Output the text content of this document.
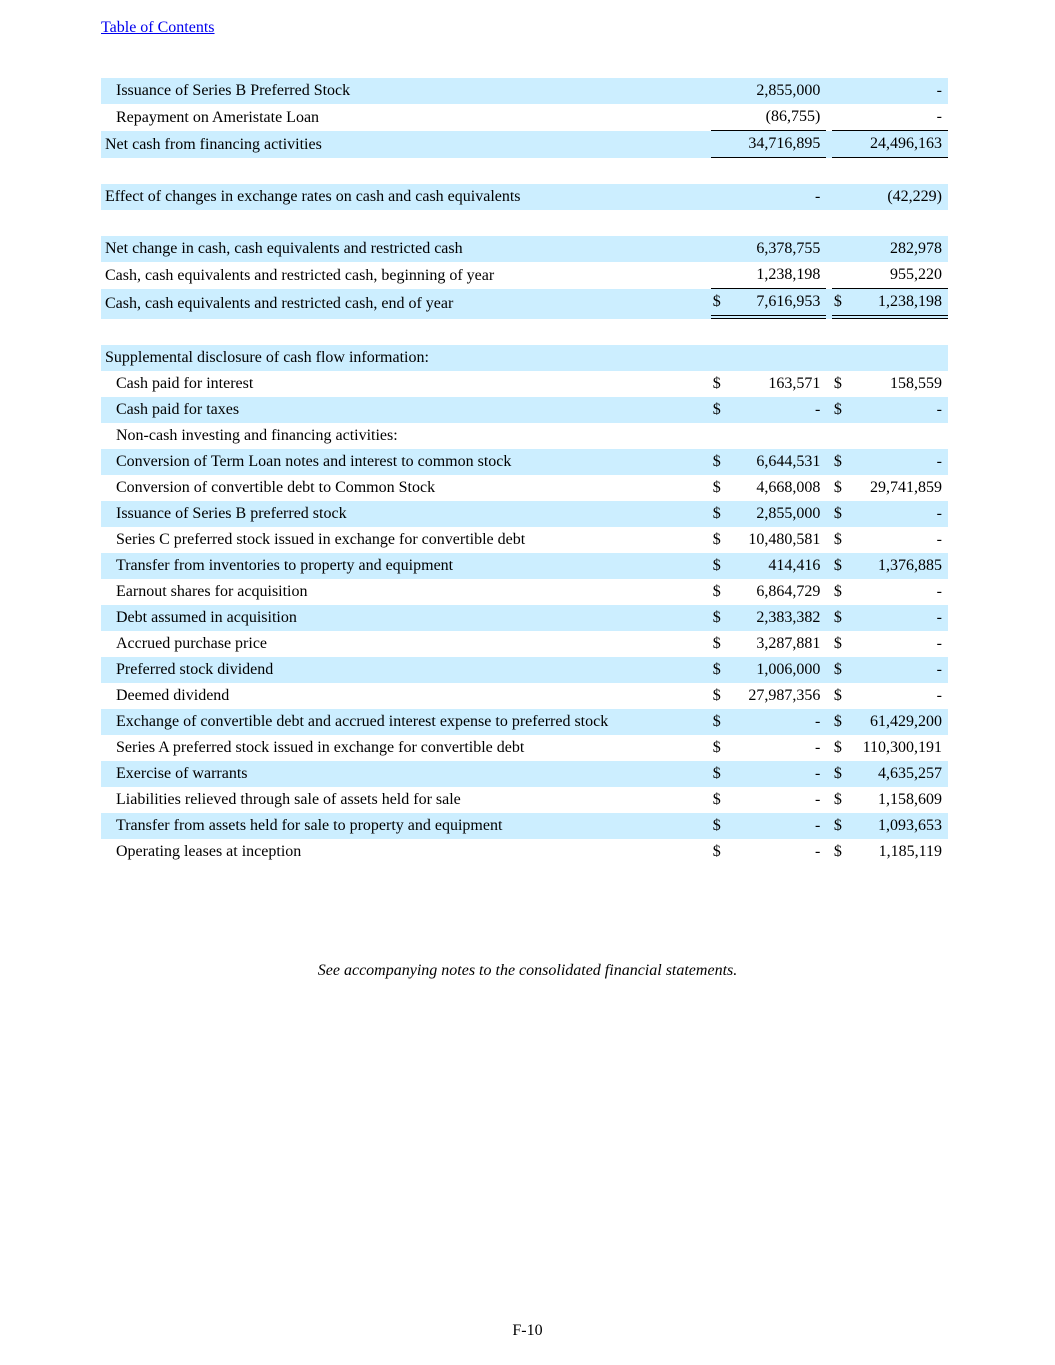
Table of Contents
Issuance of Series B Preferred Stock			2,855,000			-
Repayment on Ameristate Loan			(86,755)			-
Net cash from financing activities			34,716,895			24,496,163

Effect of changes in exchange rates on cash and cash equivalents			-			(42,229)

Net change in cash, cash equivalents and restricted cash			6,378,755			282,978
Cash, cash equivalents and restricted cash, beginning of year			1,238,198			955,220
Cash, cash equivalents and restricted cash, end of year		$	7,616,953		$	1,238,198

Supplemental disclosure of cash flow information:						
Cash paid for interest		$	163,571		$	158,559
Cash paid for taxes		$	-		$	-
Non-cash investing and financing activities:						
Conversion of Term Loan notes and interest to common stock		$	6,644,531		$	-
Conversion of convertible debt to Common Stock		$	4,668,008		$	29,741,859
Issuance of Series B preferred stock		$	2,855,000		$	-
Series C preferred stock issued in exchange for convertible debt		$	10,480,581		$	-
Transfer from inventories to property and equipment		$	414,416		$	1,376,885
Earnout shares for acquisition		$	6,864,729		$	-
Debt assumed in acquisition		$	2,383,382		$	-
Accrued purchase price		$	3,287,881		$	-
Preferred stock dividend		$	1,006,000		$	-
Deemed dividend		$	27,987,356		$	-
Exchange of convertible debt and accrued interest expense to preferred stock		$	-		$	61,429,200
Series A preferred stock issued in exchange for convertible debt		$	-		$	110,300,191
Exercise of warrants		$	-		$	4,635,257
Liabilities relieved through sale of assets held for sale		$	-		$	1,158,609
Transfer from assets held for sale to property and equipment		$	-		$	1,093,653
Operating leases at inception		$	-		$	1,185,119
See accompanying notes to the consolidated financial statements.
F-10
